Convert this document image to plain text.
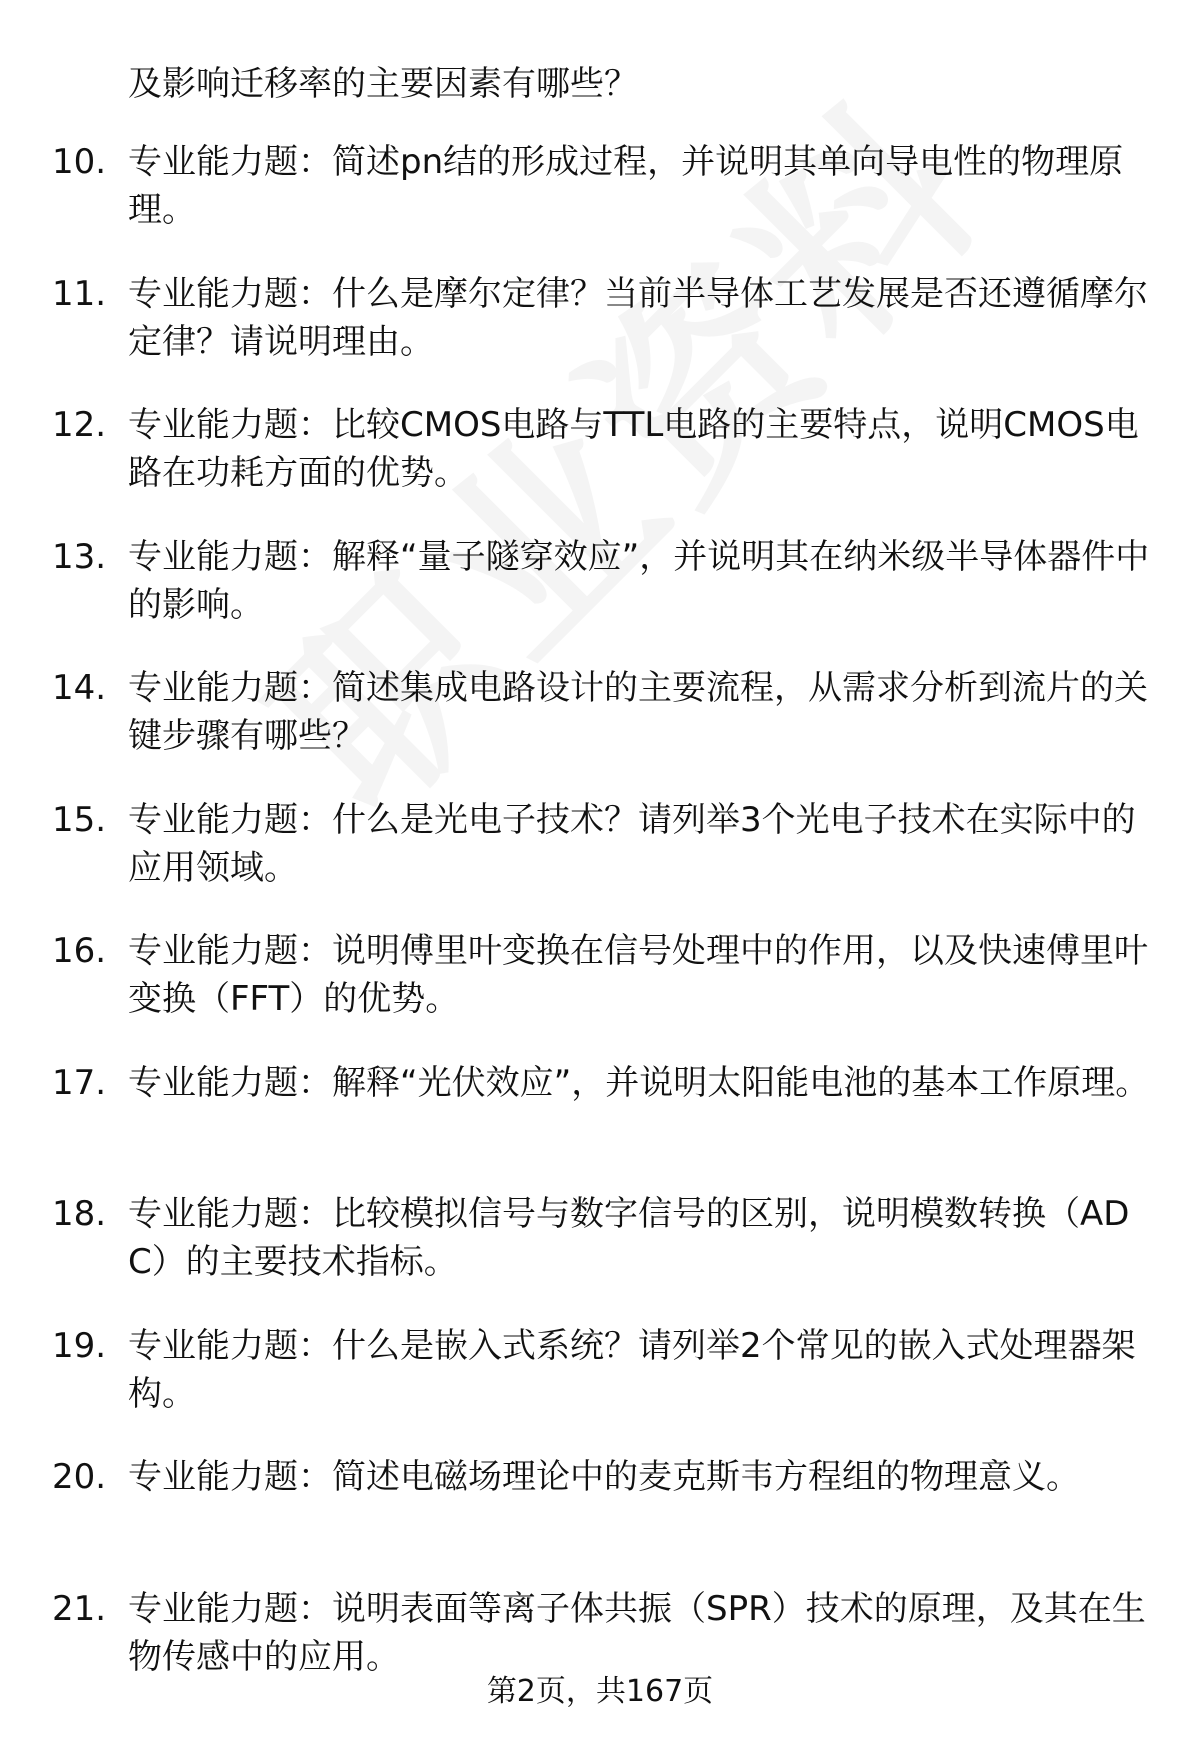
及影响迁移率的主要因素有哪些？
10. 专业能力题：简述pn结的形成过程，并说明其单向导电性的物理原理。
11. 专业能力题：什么是摩尔定律？当前半导体工艺发展是否还遵循摩尔定律？请说明理由。
12. 专业能力题：比较CMOS电路与TTL电路的主要特点，说明CMOS电路在功耗方面的优势。
13. 专业能力题：解释“量子隧穿效应”，并说明其在纳米级半导体器件中的影响。
14. 专业能力题：简述集成电路设计的主要流程，从需求分析到流片的关键步骤有哪些？
15. 专业能力题：什么是光电子技术？请列举3个光电子技术在实际中的应用领域。
16. 专业能力题：说明傅里叶变换在信号处理中的作用，以及快速傅里叶变换（FFT）的优势。
17. 专业能力题：解释“光伏效应”，并说明太阳能电池的基本工作原理。
18. 专业能力题：比较模拟信号与数字信号的区别，说明模数转换（ADC）的主要技术指标。
19. 专业能力题：什么是嵌入式系统？请列举2个常见的嵌入式处理器架构。
20. 专业能力题：简述电磁场理论中的麦克斯韦方程组的物理意义。
21. 专业能力题：说明表面等离子体共振（SPR）技术的原理，及其在生物传感中的应用。
第2页，共167页
